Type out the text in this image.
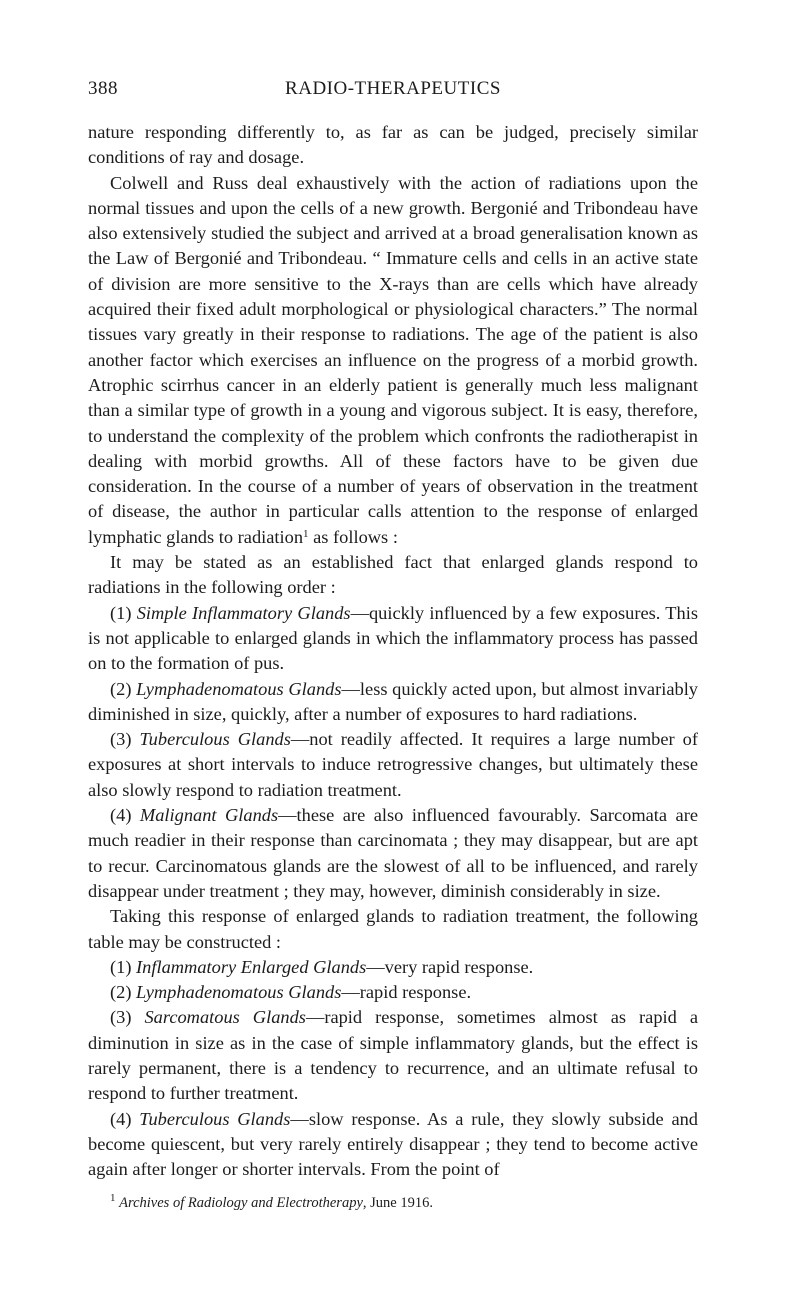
388	RADIO-THERAPEUTICS

nature responding differently to, as far as can be judged, precisely similar conditions of ray and dosage.

Colwell and Russ deal exhaustively with the action of radiations upon the normal tissues and upon the cells of a new growth. Bergonié and Tribondeau have also extensively studied the subject and arrived at a broad generalisation known as the Law of Bergonié and Tribondeau. “ Immature cells and cells in an active state of division are more sensitive to the X-rays than are cells which have already acquired their fixed adult morphological or physiological characters.” The normal tissues vary greatly in their response to radiations. The age of the patient is also another factor which exercises an influence on the progress of a morbid growth. Atrophic scirrhus cancer in an elderly patient is generally much less malignant than a similar type of growth in a young and vigorous subject. It is easy, therefore, to understand the complexity of the problem which confronts the radiotherapist in dealing with morbid growths. All of these factors have to be given due consideration. In the course of a number of years of observation in the treatment of disease, the author in particular calls attention to the response of enlarged lymphatic glands to radiation$^1$ as follows :

It may be stated as an established fact that enlarged glands respond to radiations in the following order :

(1) Simple Inflammatory Glands—quickly influenced by a few exposures. This is not applicable to enlarged glands in which the inflammatory process has passed on to the formation of pus.

(2) Lymphadenomatous Glands—less quickly acted upon, but almost invariably diminished in size, quickly, after a number of exposures to hard radiations.

(3) Tuberculous Glands—not readily affected. It requires a large number of exposures at short intervals to induce retrogressive changes, but ultimately these also slowly respond to radiation treatment.

(4) Malignant Glands—these are also influenced favourably. Sarcomata are much readier in their response than carcinomata ; they may disappear, but are apt to recur. Carcinomatous glands are the slowest of all to be influenced, and rarely disappear under treatment ; they may, however, diminish considerably in size.

Taking this response of enlarged glands to radiation treatment, the following table may be constructed :

(1) Inflammatory Enlarged Glands—very rapid response.

(2) Lymphadenomatous Glands—rapid response.

(3) Sarcomatous Glands—rapid response, sometimes almost as rapid a diminution in size as in the case of simple inflammatory glands, but the effect is rarely permanent, there is a tendency to recurrence, and an ultimate refusal to respond to further treatment.

(4) Tuberculous Glands—slow response. As a rule, they slowly subside and become quiescent, but very rarely entirely disappear ; they tend to become active again after longer or shorter intervals. From the point of

$^1$ Archives of Radiology and Electrotherapy, June 1916.
